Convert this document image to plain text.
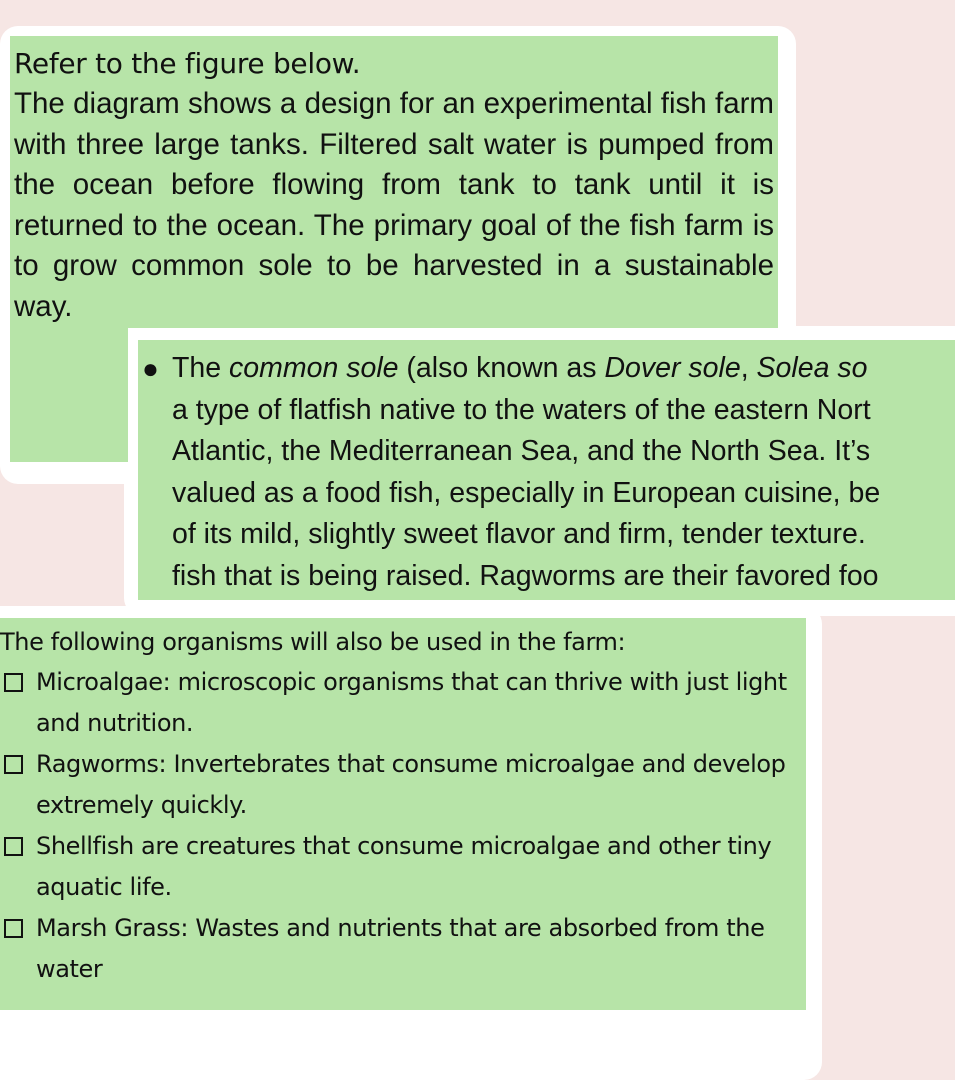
Refer to the figure below.

The diagram shows a design for an experimental fish farm with three large tanks. Filtered salt water is pumped from the ocean before flowing from tank to tank until it is returned to the ocean. The primary goal of the fish farm is to grow common sole to be harvested in a sustainable way.

● The common sole (also known as Dover sole, Solea so
a type of flatfish native to the waters of the eastern Nort
Atlantic, the Mediterranean Sea, and the North Sea. It’s
valued as a food fish, especially in European cuisine, be
of its mild, slightly sweet flavor and firm, tender texture.
fish that is being raised. Ragworms are their favored foo

The following organisms will also be used in the farm:

Microalgae: microscopic organisms that can thrive with just light and nutrition.
Ragworms: Invertebrates that consume microalgae and develop extremely quickly.
Shellfish are creatures that consume microalgae and other tiny aquatic life.
Marsh Grass: Wastes and nutrients that are absorbed from the water
